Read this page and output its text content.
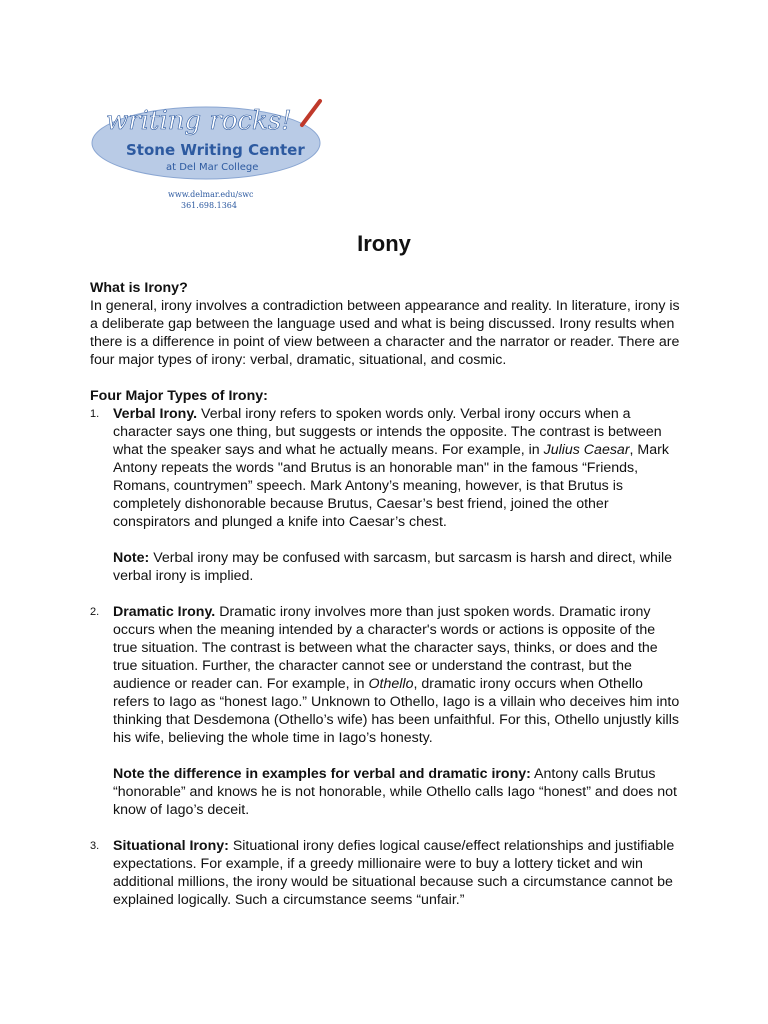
writing rocks!
Stone Writing Center
at Del Mar College
www.delmar.edu/swc
361.698.1364
Irony

What is Irony?

In general, irony involves a contradiction between appearance and reality. In literature, irony is a deliberate gap between the language used and what is being discussed. Irony results when there is a difference in point of view between a character and the narrator or reader. There are four major types of irony: verbal, dramatic, situational, and cosmic.

Four Major Types of Irony:

1. Verbal Irony. Verbal irony refers to spoken words only. Verbal irony occurs when a character says one thing, but suggests or intends the opposite. The contrast is between what the speaker says and what he actually means. For example, in Julius Caesar, Mark Antony repeats the words "and Brutus is an honorable man" in the famous “Friends, Romans, countrymen” speech. Mark Antony’s meaning, however, is that Brutus is completely dishonorable because Brutus, Caesar’s best friend, joined the other conspirators and plunged a knife into Caesar’s chest.

Note: Verbal irony may be confused with sarcasm, but sarcasm is harsh and direct, while verbal irony is implied.

2. Dramatic Irony. Dramatic irony involves more than just spoken words. Dramatic irony occurs when the meaning intended by a character's words or actions is opposite of the true situation. The contrast is between what the character says, thinks, or does and the true situation. Further, the character cannot see or understand the contrast, but the audience or reader can. For example, in Othello, dramatic irony occurs when Othello refers to Iago as “honest Iago.” Unknown to Othello, Iago is a villain who deceives him into thinking that Desdemona (Othello’s wife) has been unfaithful. For this, Othello unjustly kills his wife, believing the whole time in Iago’s honesty.

Note the difference in examples for verbal and dramatic irony: Antony calls Brutus “honorable” and knows he is not honorable, while Othello calls Iago “honest” and does not know of Iago’s deceit.

3. Situational Irony: Situational irony defies logical cause/effect relationships and justifiable expectations. For example, if a greedy millionaire were to buy a lottery ticket and win additional millions, the irony would be situational because such a circumstance cannot be explained logically. Such a circumstance seems “unfair.”
